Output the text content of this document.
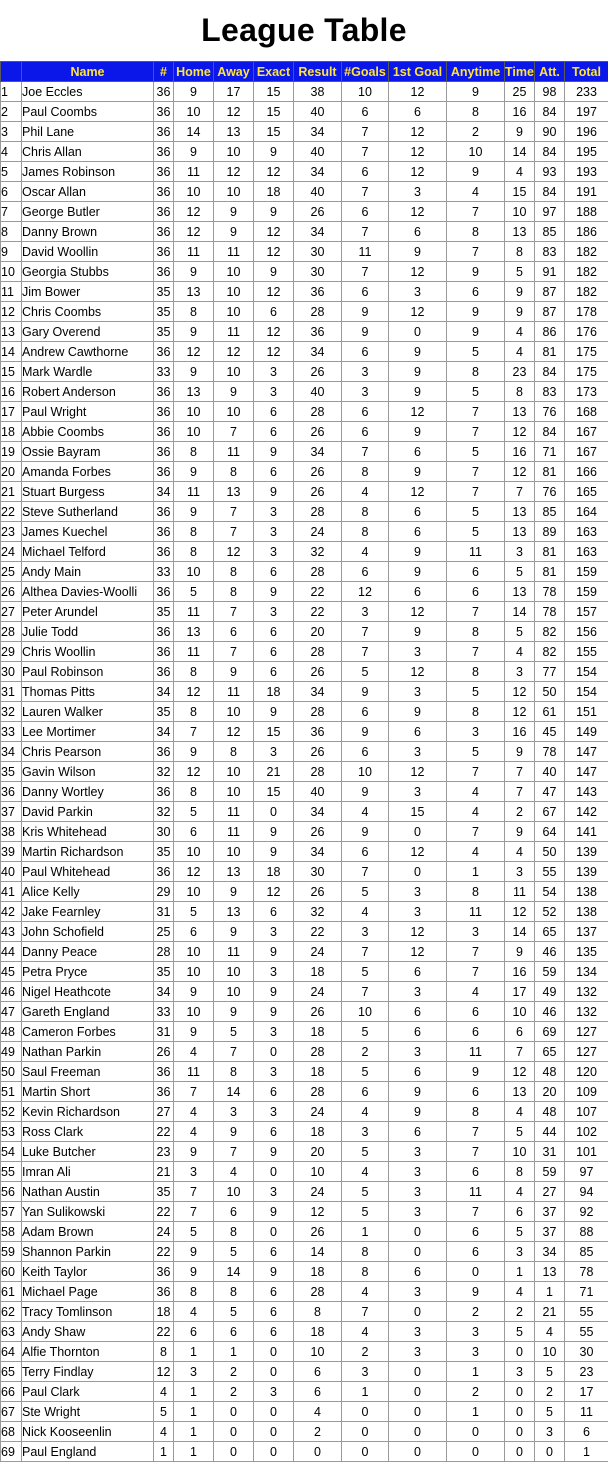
League Table
	Name	#	Home	Away	Exact	Result	#Goals	1st Goal	Anytime	Time	Att.	Total
1	Joe Eccles	36	9	17	15	38	10	12	9	25	98	233
2	Paul Coombs	36	10	12	15	40	6	6	8	16	84	197
3	Phil Lane	36	14	13	15	34	7	12	2	9	90	196
4	Chris Allan	36	9	10	9	40	7	12	10	14	84	195
5	James Robinson	36	11	12	12	34	6	12	9	4	93	193
6	Oscar Allan	36	10	10	18	40	7	3	4	15	84	191
7	George Butler	36	12	9	9	26	6	12	7	10	97	188
8	Danny Brown	36	12	9	12	34	7	6	8	13	85	186
9	David Woollin	36	11	11	12	30	11	9	7	8	83	182
10	Georgia Stubbs	36	9	10	9	30	7	12	9	5	91	182
11	Jim Bower	35	13	10	12	36	6	3	6	9	87	182
12	Chris Coombs	35	8	10	6	28	9	12	9	9	87	178
13	Gary Overend	35	9	11	12	36	9	0	9	4	86	176
14	Andrew Cawthorne	36	12	12	12	34	6	9	5	4	81	175
15	Mark Wardle	33	9	10	3	26	3	9	8	23	84	175
16	Robert Anderson	36	13	9	3	40	3	9	5	8	83	173
17	Paul Wright	36	10	10	6	28	6	12	7	13	76	168
18	Abbie Coombs	36	10	7	6	26	6	9	7	12	84	167
19	Ossie Bayram	36	8	11	9	34	7	6	5	16	71	167
20	Amanda Forbes	36	9	8	6	26	8	9	7	12	81	166
21	Stuart Burgess	34	11	13	9	26	4	12	7	7	76	165
22	Steve Sutherland	36	9	7	3	28	8	6	5	13	85	164
23	James Kuechel	36	8	7	3	24	8	6	5	13	89	163
24	Michael Telford	36	8	12	3	32	4	9	11	3	81	163
25	Andy Main	33	10	8	6	28	6	9	6	5	81	159
26	Althea Davies-Woolli	36	5	8	9	22	12	6	6	13	78	159
27	Peter Arundel	35	11	7	3	22	3	12	7	14	78	157
28	Julie Todd	36	13	6	6	20	7	9	8	5	82	156
29	Chris Woollin	36	11	7	6	28	7	3	7	4	82	155
30	Paul Robinson	36	8	9	6	26	5	12	8	3	77	154
31	Thomas Pitts	34	12	11	18	34	9	3	5	12	50	154
32	Lauren Walker	35	8	10	9	28	6	9	8	12	61	151
33	Lee Mortimer	34	7	12	15	36	9	6	3	16	45	149
34	Chris Pearson	36	9	8	3	26	6	3	5	9	78	147
35	Gavin Wilson	32	12	10	21	28	10	12	7	7	40	147
36	Danny Wortley	36	8	10	15	40	9	3	4	7	47	143
37	David Parkin	32	5	11	0	34	4	15	4	2	67	142
38	Kris Whitehead	30	6	11	9	26	9	0	7	9	64	141
39	Martin Richardson	35	10	10	9	34	6	12	4	4	50	139
40	Paul Whitehead	36	12	13	18	30	7	0	1	3	55	139
41	Alice Kelly	29	10	9	12	26	5	3	8	11	54	138
42	Jake Fearnley	31	5	13	6	32	4	3	11	12	52	138
43	John Schofield	25	6	9	3	22	3	12	3	14	65	137
44	Danny Peace	28	10	11	9	24	7	12	7	9	46	135
45	Petra Pryce	35	10	10	3	18	5	6	7	16	59	134
46	Nigel Heathcote	34	9	10	9	24	7	3	4	17	49	132
47	Gareth England	33	10	9	9	26	10	6	6	10	46	132
48	Cameron Forbes	31	9	5	3	18	5	6	6	6	69	127
49	Nathan Parkin	26	4	7	0	28	2	3	11	7	65	127
50	Saul Freeman	36	11	8	3	18	5	6	9	12	48	120
51	Martin Short	36	7	14	6	28	6	9	6	13	20	109
52	Kevin Richardson	27	4	3	3	24	4	9	8	4	48	107
53	Ross Clark	22	4	9	6	18	3	6	7	5	44	102
54	Luke Butcher	23	9	7	9	20	5	3	7	10	31	101
55	Imran Ali	21	3	4	0	10	4	3	6	8	59	97
56	Nathan Austin	35	7	10	3	24	5	3	11	4	27	94
57	Yan Sulikowski	22	7	6	9	12	5	3	7	6	37	92
58	Adam Brown	24	5	8	0	26	1	0	6	5	37	88
59	Shannon Parkin	22	9	5	6	14	8	0	6	3	34	85
60	Keith Taylor	36	9	14	9	18	8	6	0	1	13	78
61	Michael Page	36	8	8	6	28	4	3	9	4	1	71
62	Tracy Tomlinson	18	4	5	6	8	7	0	2	2	21	55
63	Andy Shaw	22	6	6	6	18	4	3	3	5	4	55
64	Alfie Thornton	8	1	1	0	10	2	3	3	0	10	30
65	Terry Findlay	12	3	2	0	6	3	0	1	3	5	23
66	Paul Clark	4	1	2	3	6	1	0	2	0	2	17
67	Ste Wright	5	1	0	0	4	0	0	1	0	5	11
68	Nick Kooseenlin	4	1	0	0	2	0	0	0	0	3	6
69	Paul England	1	1	0	0	0	0	0	0	0	0	1
